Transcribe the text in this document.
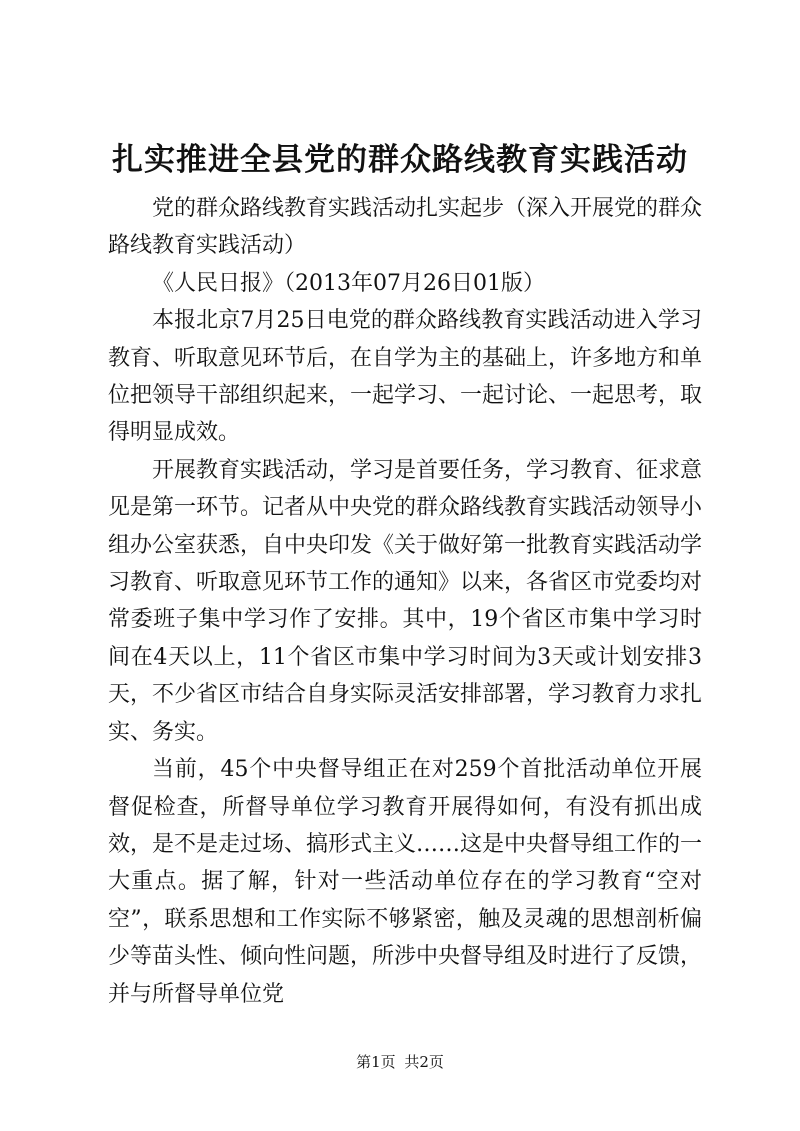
扎实推进全县党的群众路线教育实践活动

党的群众路线教育实践活动扎实起步（深入开展党的群众路线教育实践活动）

《人民日报》（2013年07月26日01版）

本报北京7月25日电党的群众路线教育实践活动进入学习教育、听取意见环节后，在自学为主的基础上，许多地方和单位把领导干部组织起来，一起学习、一起讨论、一起思考，取得明显成效。

开展教育实践活动，学习是首要任务，学习教育、征求意见是第一环节。记者从中央党的群众路线教育实践活动领导小组办公室获悉，自中央印发《关于做好第一批教育实践活动学习教育、听取意见环节工作的通知》以来，各省区市党委均对常委班子集中学习作了安排。其中，19个省区市集中学习时间在4天以上，11个省区市集中学习时间为3天或计划安排3天，不少省区市结合自身实际灵活安排部署，学习教育力求扎实、务实。

当前，45个中央督导组正在对259个首批活动单位开展督促检查，所督导单位学习教育开展得如何，有没有抓出成效，是不是走过场、搞形式主义……这是中央督导组工作的一大重点。据了解，针对一些活动单位存在的学习教育“空对空”，联系思想和工作实际不够紧密，触及灵魂的思想剖析偏少等苗头性、倾向性问题，所涉中央督导组及时进行了反馈，并与所督导单位党

第1页 共2页
